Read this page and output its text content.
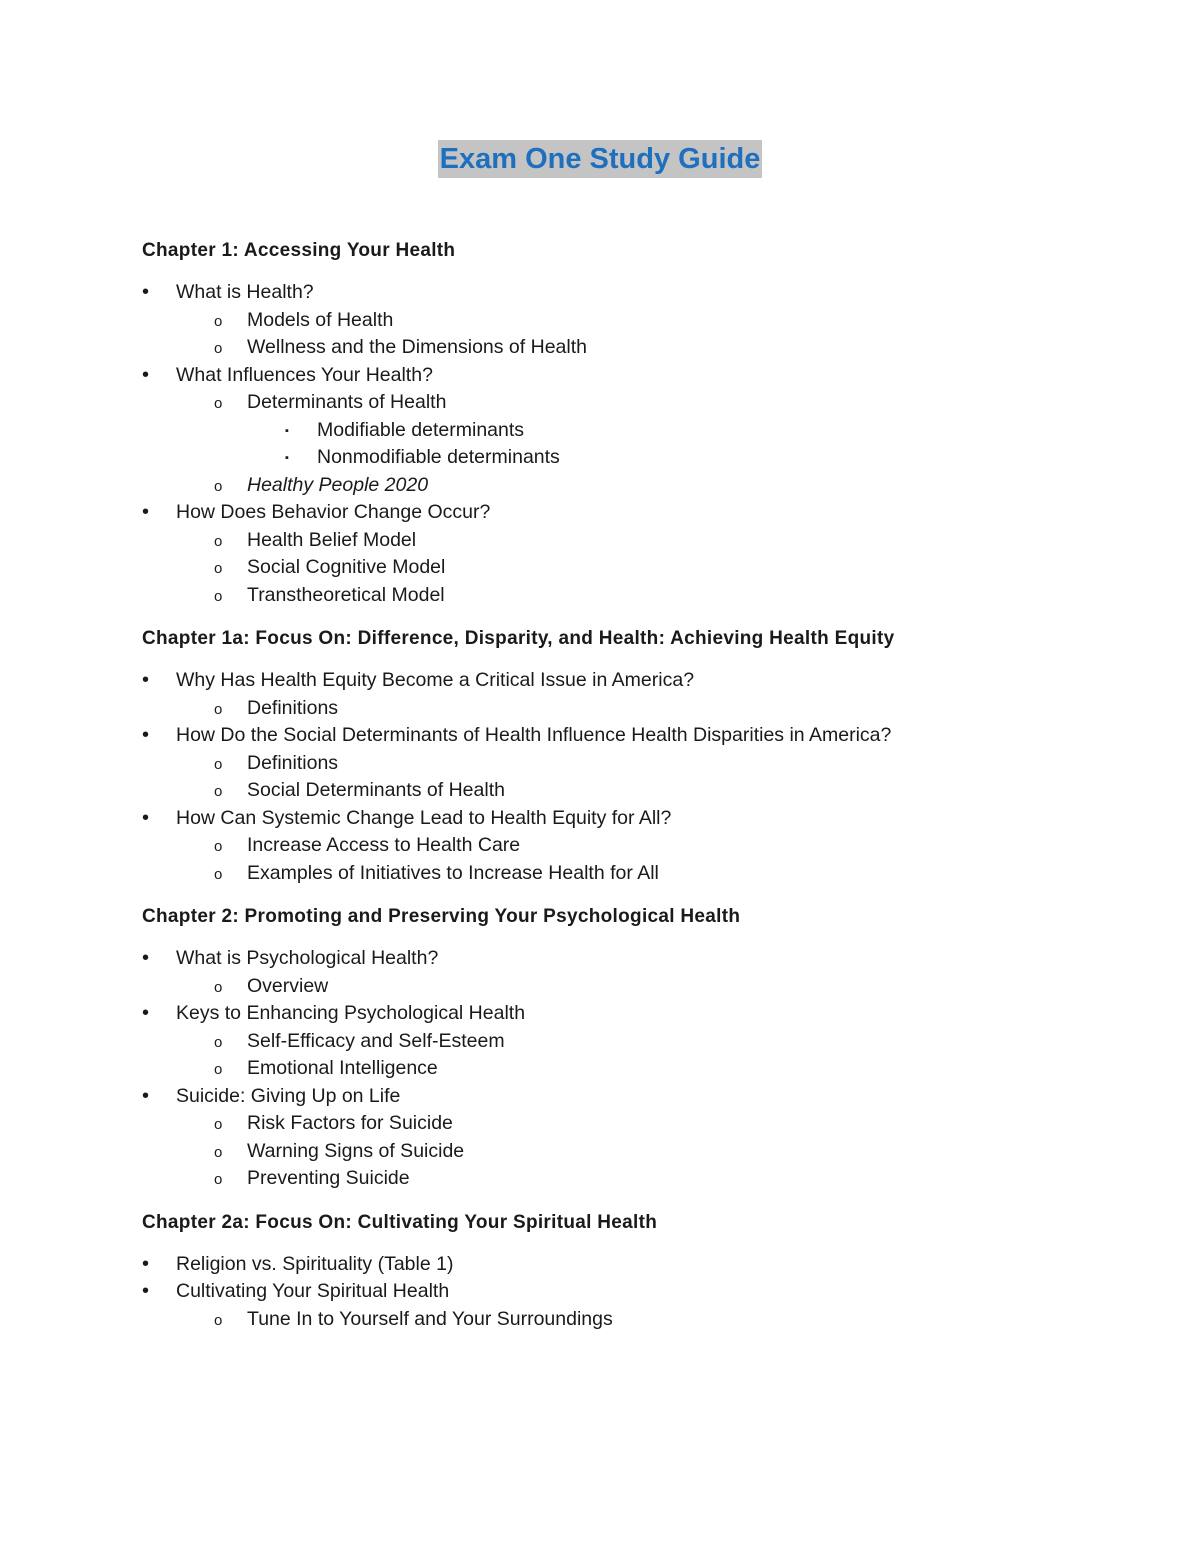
Exam One Study Guide
Chapter 1: Accessing Your Health
• What is Health?
o Models of Health
o Wellness and the Dimensions of Health
• What Influences Your Health?
o Determinants of Health
▪ Modifiable determinants
▪ Nonmodifiable determinants
o Healthy People 2020
• How Does Behavior Change Occur?
o Health Belief Model
o Social Cognitive Model
o Transtheoretical Model
Chapter 1a: Focus On: Difference, Disparity, and Health: Achieving Health Equity
• Why Has Health Equity Become a Critical Issue in America?
o Definitions
• How Do the Social Determinants of Health Influence Health Disparities in America?
o Definitions
o Social Determinants of Health
• How Can Systemic Change Lead to Health Equity for All?
o Increase Access to Health Care
o Examples of Initiatives to Increase Health for All
Chapter 2: Promoting and Preserving Your Psychological Health
• What is Psychological Health?
o Overview
• Keys to Enhancing Psychological Health
o Self-Efficacy and Self-Esteem
o Emotional Intelligence
• Suicide: Giving Up on Life
o Risk Factors for Suicide
o Warning Signs of Suicide
o Preventing Suicide
Chapter 2a: Focus On: Cultivating Your Spiritual Health
• Religion vs. Spirituality (Table 1)
• Cultivating Your Spiritual Health
o Tune In to Yourself and Your Surroundings
